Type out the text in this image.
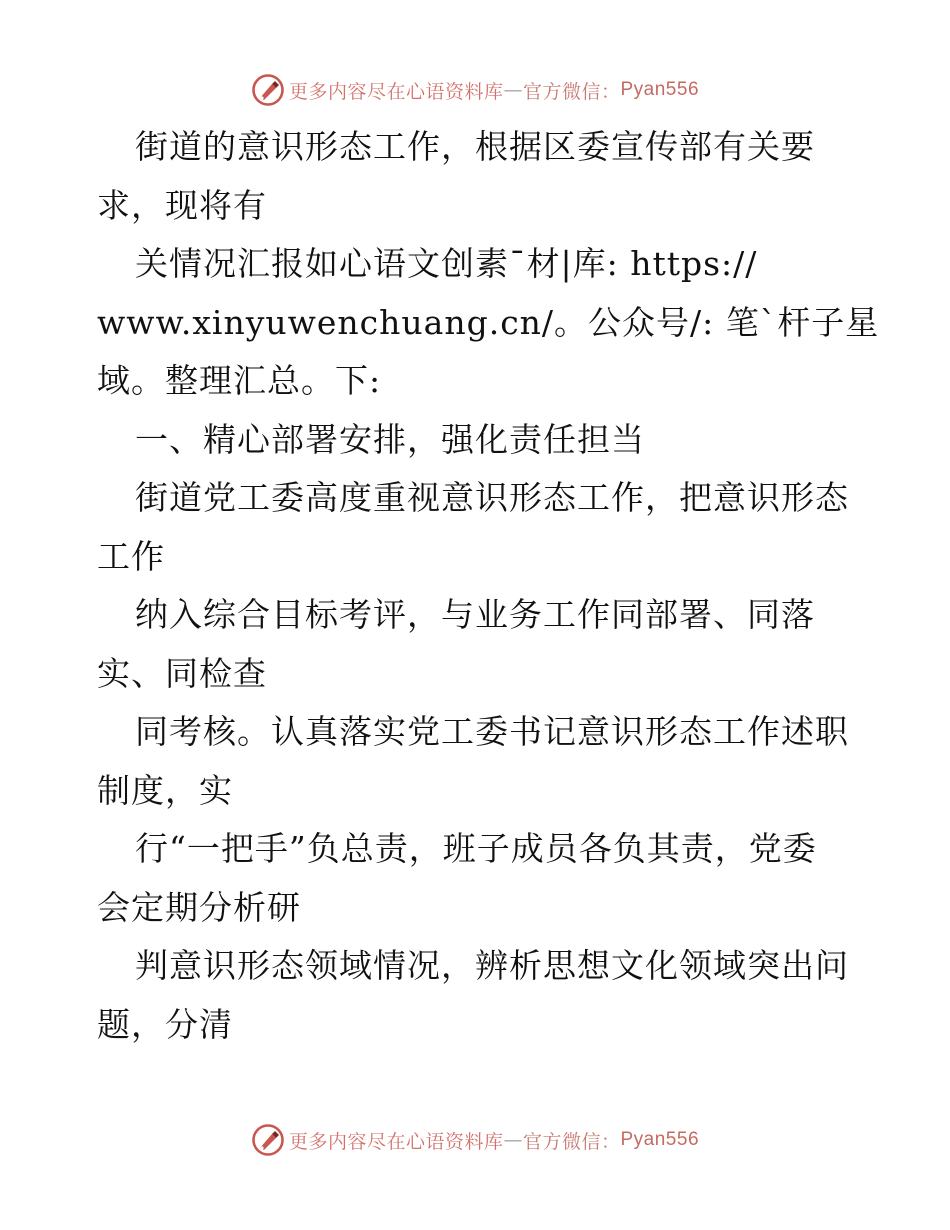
更多内容尽在心语资料库 — 官方微信： Pyan556
街道的意识形态工作，根据区委宣传部有关要
求，现将有
关情况汇报如心语文创素¯材|库: https://
www.xinyuwenchuang.cn/。公众号/: 笔`杆子星
域。整理汇总。下:
一、精心部署安排，强化责任担当
街道党工委高度重视意识形态工作，把意识形态
工作
纳入综合目标考评，与业务工作同部署、同落
实、同检查
同考核。认真落实党工委书记意识形态工作述职
制度，实
行“一把手”负总责，班子成员各负其责，党委
会定期分析研
判意识形态领域情况，辨析思想文化领域突出问
题，分清
更多内容尽在心语资料库 — 官方微信： Pyan556
